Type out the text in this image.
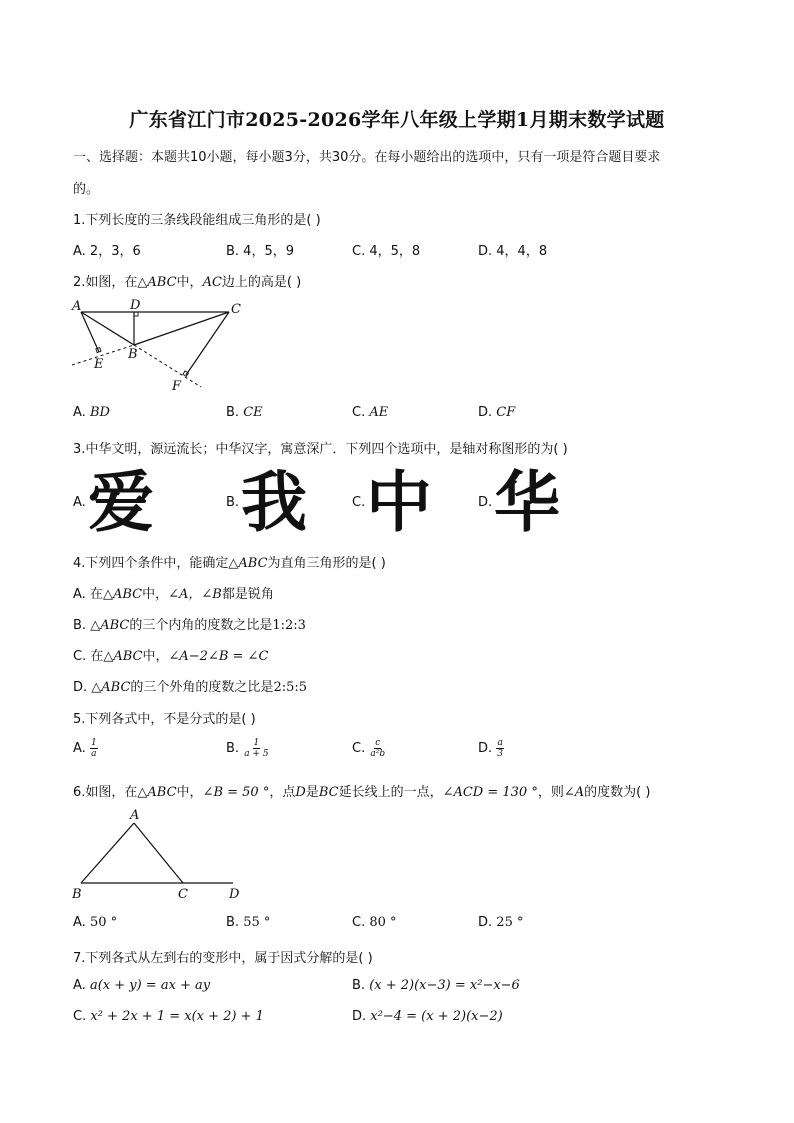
广东省江门市2025-2026学年八年级上学期1月期末数学试题
一、选择题：本题共10小题，每小题3分，共30分。在每小题给出的选项中，只有一项是符合题目要求
的。
1.下列长度的三条线段能组成三角形的是( )
A. 2，3，6	B. 4，5，9	C. 4，5，8	D. 4，4，8
2.如图，在△ABC中，AC边上的高是( )
A	D	C
B
E
F
A. BD	B. CE	C. AE	D. CF
3.中华文明，源远流长；中华汉字，寓意深广．下列四个选项中，是轴对称图形的为( )
A. 爱	B. 我	C. 中	D. 华
4.下列四个条件中，能确定△ABC为直角三角形的是( )
A. 在△ABC中，∠A，∠B都是锐角
B. △ABC的三个内角的度数之比是1:2:3
C. 在△ABC中，∠A−2∠B = ∠C
D. △ABC的三个外角的度数之比是2:5:5
5.下列各式中，不是分式的是( )
A. $\frac{1}{a}$	B. $\frac{1}{a + 5}$	C. $\frac{c}{\text{a²b}}$	D. $\frac{a}{3}$
6.如图，在△ABC中，∠B = 50 °，点D是BC延长线上的一点，∠ACD = 130 °，则∠A的度数为( )
A
B	C	D
A. 50 °	B. 55 °	C. 80 °	D. 25 °
7.下列各式从左到右的变形中，属于因式分解的是( )
A. a(x + y) = ax + ay	B. (x + 2)(x−3) = x²−x−6
C. x² + 2x + 1 = x(x + 2) + 1	D. x²−4 = (x + 2)(x−2)
